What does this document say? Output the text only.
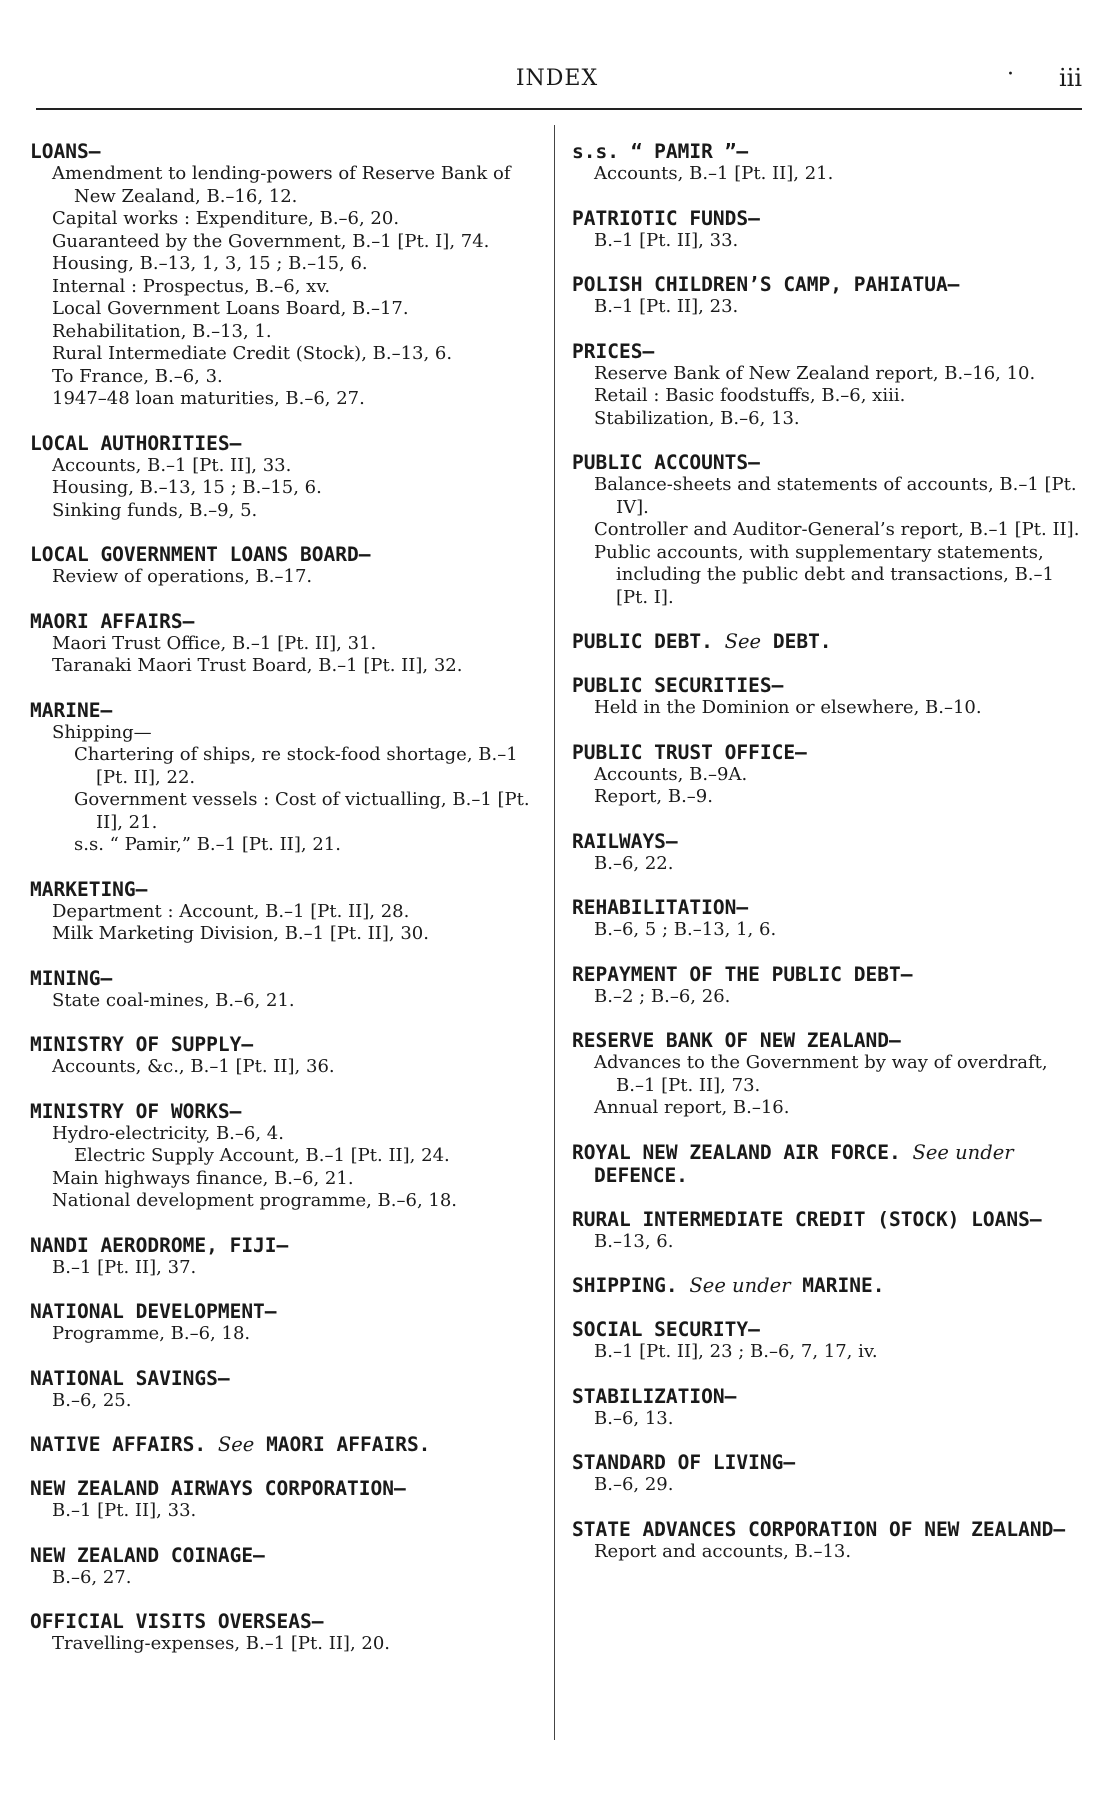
INDEX	· iii
LOANS—
Amendment to lending-powers of Reserve Bank of New Zealand, B.–16, 12.
Capital works : Expenditure, B.–6, 20.
Guaranteed by the Government, B.–1 [Pt. I], 74.
Housing, B.–13, 1, 3, 15 ; B.–15, 6.
Internal : Prospectus, B.–6, xv.
Local Government Loans Board, B.–17.
Rehabilitation, B.–13, 1.
Rural Intermediate Credit (Stock), B.–13, 6.
To France, B.–6, 3.
1947–48 loan maturities, B.–6, 27.
LOCAL AUTHORITIES—
Accounts, B.–1 [Pt. II], 33.
Housing, B.–13, 15 ; B.–15, 6.
Sinking funds, B.–9, 5.
LOCAL GOVERNMENT LOANS BOARD—
Review of operations, B.–17.
MAORI AFFAIRS—
Maori Trust Office, B.–1 [Pt. II], 31.
Taranaki Maori Trust Board, B.–1 [Pt. II], 32.
MARINE—
Shipping—
Chartering of ships, re stock-food shortage, B.–1 [Pt. II], 22.
Government vessels : Cost of victualling, B.–1 [Pt. II], 21.
s.s. “ Pamir,” B.–1 [Pt. II], 21.
MARKETING—
Department : Account, B.–1 [Pt. II], 28.
Milk Marketing Division, B.–1 [Pt. II], 30.
MINING—
State coal-mines, B.–6, 21.
MINISTRY OF SUPPLY—
Accounts, &c., B.–1 [Pt. II], 36.
MINISTRY OF WORKS—
Hydro-electricity, B.–6, 4.
Electric Supply Account, B.–1 [Pt. II], 24.
Main highways finance, B.–6, 21.
National development programme, B.–6, 18.
NANDI AERODROME, FIJI—
B.–1 [Pt. II], 37.
NATIONAL DEVELOPMENT—
Programme, B.–6, 18.
NATIONAL SAVINGS—
B.–6, 25.
NATIVE AFFAIRS. See MAORI AFFAIRS.
NEW ZEALAND AIRWAYS CORPORATION—
B.–1 [Pt. II], 33.
NEW ZEALAND COINAGE—
B.–6, 27.
OFFICIAL VISITS OVERSEAS—
Travelling-expenses, B.–1 [Pt. II], 20.
s.s. “ PAMIR ”—
Accounts, B.–1 [Pt. II], 21.
PATRIOTIC FUNDS—
B.–1 [Pt. II], 33.
POLISH CHILDREN’S CAMP, PAHIATUA—
B.–1 [Pt. II], 23.
PRICES—
Reserve Bank of New Zealand report, B.–16, 10.
Retail : Basic foodstuffs, B.–6, xiii.
Stabilization, B.–6, 13.
PUBLIC ACCOUNTS—
Balance-sheets and statements of accounts, B.–1 [Pt. IV].
Controller and Auditor-General’s report, B.–1 [Pt. II].
Public accounts, with supplementary statements, including the public debt and transactions, B.–1 [Pt. I].
PUBLIC DEBT. See DEBT.
PUBLIC SECURITIES—
Held in the Dominion or elsewhere, B.–10.
PUBLIC TRUST OFFICE—
Accounts, B.–9A.
Report, B.–9.
RAILWAYS—
B.–6, 22.
REHABILITATION—
B.–6, 5 ; B.–13, 1, 6.
REPAYMENT OF THE PUBLIC DEBT—
B.–2 ; B.–6, 26.
RESERVE BANK OF NEW ZEALAND—
Advances to the Government by way of overdraft, B.–1 [Pt. II], 73.
Annual report, B.–16.
ROYAL NEW ZEALAND AIR FORCE. See under DEFENCE.
RURAL INTERMEDIATE CREDIT (STOCK) LOANS—
B.–13, 6.
SHIPPING. See under MARINE.
SOCIAL SECURITY—
B.–1 [Pt. II], 23 ; B.–6, 7, 17, iv.
STABILIZATION—
B.–6, 13.
STANDARD OF LIVING—
B.–6, 29.
STATE ADVANCES CORPORATION OF NEW ZEALAND—
Report and accounts, B.–13.
